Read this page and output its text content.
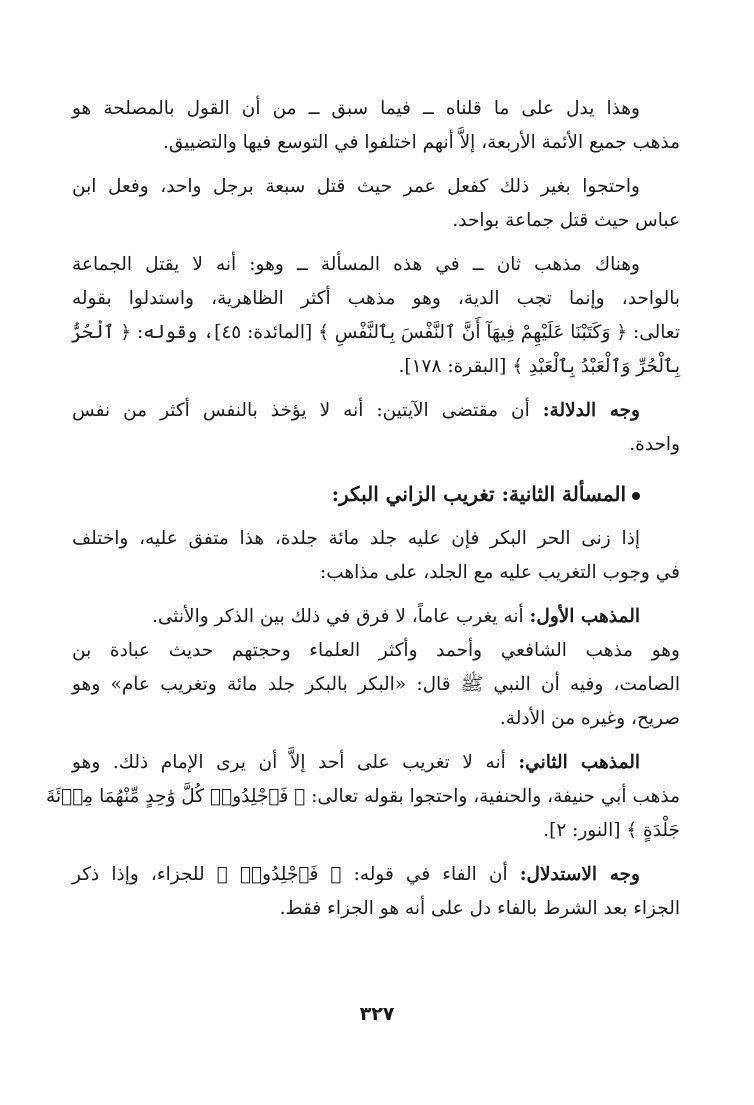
وهذا يدل على ما قلناه ــ فيما سبق ــ من أن القول بالمصلحة هو
مذهب جميع الأئمة الأربعة، إلاَّ أنهم اختلفوا في التوسع فيها والتضييق.

واحتجوا بغير ذلك كفعل عمر حيث قتل سبعة برجل واحد، وفعل ابن
عباس حيث قتل جماعة بواحد.

وهناك مذهب ثان ــ في هذه المسألة ــ وهو: أنه لا يقتل الجماعة
بالواحد، وإنما تجب الدية، وهو مذهب أكثر الظاهرية، واستدلوا بقوله
تعالى: ﴿ وَكَتَبْنَا عَلَيْهِمْ فِيهَآ أَنَّ ٱلنَّفْسَ بِٱلنَّفْسِ ﴾ [المائدة: ٤٥]، وقوله: ﴿ ٱلْحُرُّ
بِٱلْحُرِّ وَٱلْعَبْدُ بِٱلْعَبْدِ ﴾ [البقرة: ١٧٨].

وجه الدلالة: أن مقتضى الآيتين: أنه لا يؤخذ بالنفس أكثر من نفس
واحدة.

المسألة الثانية: تغريب الزاني البكر:

إذا زنى الحر البكر فإن عليه جلد مائة جلدة، هذا متفق عليه، واختلف
في وجوب التغريب عليه مع الجلد، على مذاهب:

المذهب الأول: أنه يغرب عاماً، لا فرق في ذلك بين الذكر والأنثى.
وهو مذهب الشافعي وأحمد وأكثر العلماء وحجتهم حديث عبادة بن
الصامت، وفيه أن النبي ﷺ قال: «البكر بالبكر جلد مائة وتغريب عام» وهو
صريح، وغيره من الأدلة.

المذهب الثاني: أنه لا تغريب على أحد إلاَّ أن يرى الإمام ذلك. وهو
مذهب أبي حنيفة، والحنفية، واحتجوا بقوله تعالى: ﴿ فَٱجْلِدُوا۟ كُلَّ وَٰحِدٍ مِّنْهُمَا مِا۟ئَةَ
جَلْدَةٍ ﴾ [النور: ٢].

وجه الاستدلال: أن الفاء في قوله: ﴿ فَٱجْلِدُوا۟ ﴾ للجزاء، وإذا ذكر
الجزاء بعد الشرط بالفاء دل على أنه هو الجزاء فقط.

٣٢٧
